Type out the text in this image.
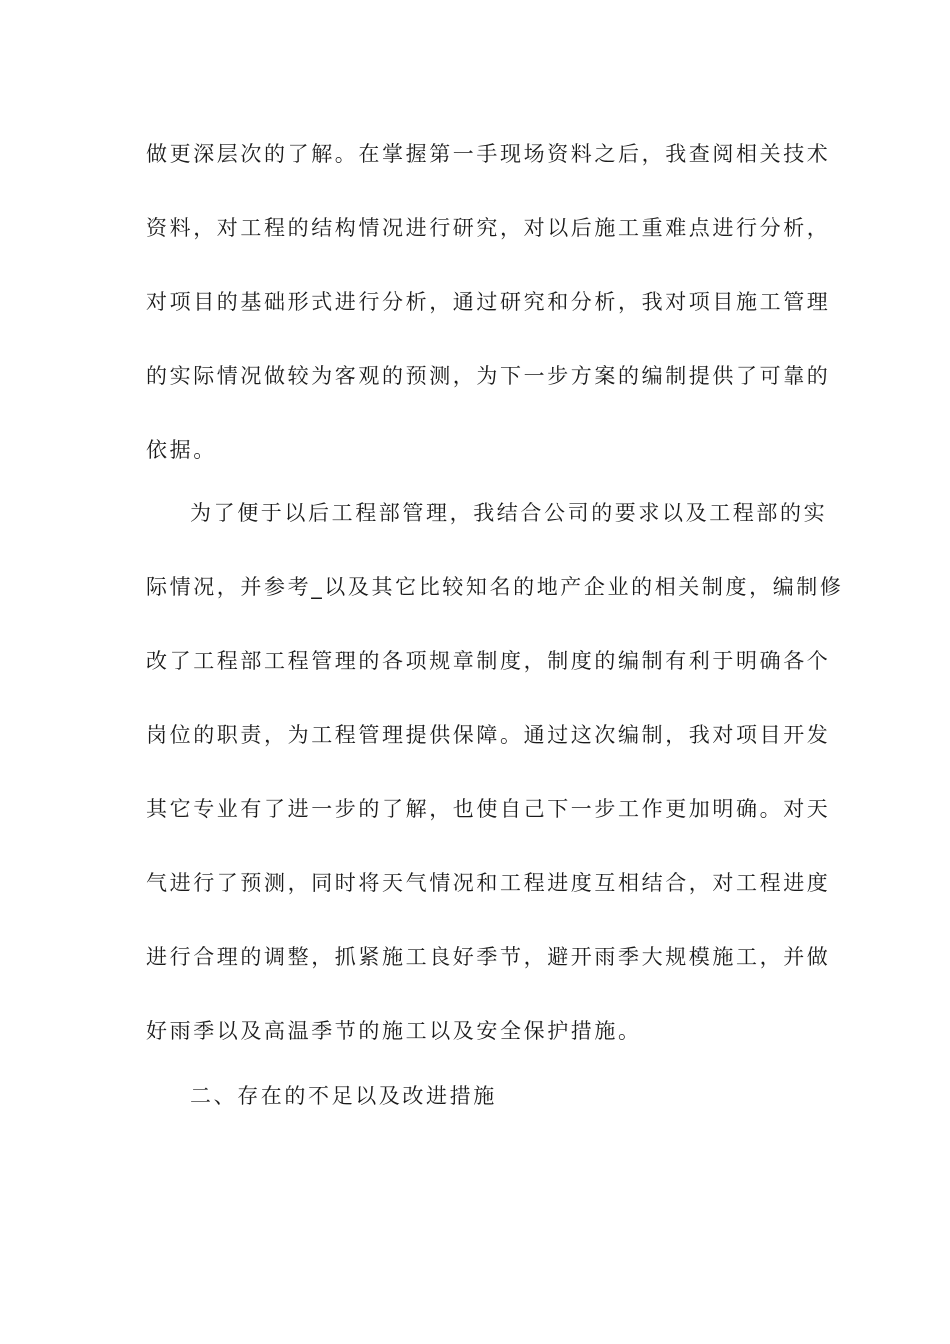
做更深层次的了解。在掌握第一手现场资料之后，我查阅相关技术
资料，对工程的结构情况进行研究，对以后施工重难点进行分析，
对项目的基础形式进行分析，通过研究和分析，我对项目施工管理
的实际情况做较为客观的预测，为下一步方案的编制提供了可靠的
依据。
为了便于以后工程部管理，我结合公司的要求以及工程部的实
际情况，并参考_以及其它比较知名的地产企业的相关制度，编制修
改了工程部工程管理的各项规章制度，制度的编制有利于明确各个
岗位的职责，为工程管理提供保障。通过这次编制，我对项目开发
其它专业有了进一步的了解，也使自己下一步工作更加明确。对天
气进行了预测，同时将天气情况和工程进度互相结合，对工程进度
进行合理的调整，抓紧施工良好季节，避开雨季大规模施工，并做
好雨季以及高温季节的施工以及安全保护措施。
二、存在的不足以及改进措施
